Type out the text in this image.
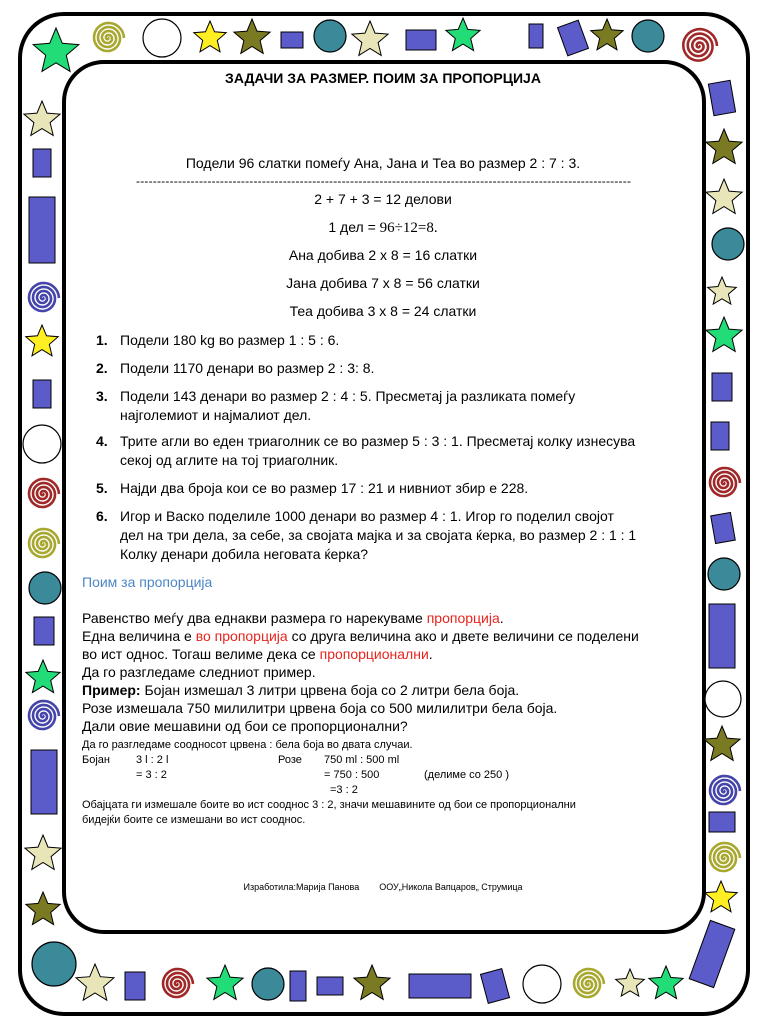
ЗАДАЧИ ЗА РАЗМЕР. ПОИМ ЗА ПРОПОРЦИЈА
Подели 96 слатки помеѓу Ана, Јана и Теа во размер 2 : 7 : 3.
----------------------------------------------------------------------------------------------------------------------
2 + 7 + 3 = 12 делови
1 дел = 96÷12=8.
Ана добива 2 х 8 = 16 слатки
Јана добива 7 х 8 = 56 слатки
Теа добива 3 х 8 = 24 слатки
1. Подели 180 kg во размер 1 : 5 : 6.
2. Подели 1170 денари во размер 2 : 3: 8.
3. Подели 143 денари во размер 2 : 4 : 5. Пресметај ја разликата помеѓу
најголемиот и најмалиот дел.
4. Трите агли во еден триаголник се во размер 5 : 3 : 1. Пресметај колку изнесува
секој од аглите на тој триаголник.
5. Најди два броја кои се во размер 17 : 21 и нивниот збир е 228.
6. Игор и Васко поделиле 1000 денари во размер 4 : 1. Игор го поделил својот
дел на три дела, за себе, за својата мајка и за својата ќерка, во размер 2 : 1 : 1
Колку денари добила неговата ќерка?
Поим за пропорција
Равенство меѓу два еднакви размера го нарекуваме пропорција.
Една величина е во пропорција со друга величина ако и двете величини се поделени
во ист однос. Тогаш велиме дека се пропорционални.
Да го разгледаме следниот пример.
Пример: Бојан измешал 3 литри црвена боја со 2 литри бела боја.
Розе измешала 750 милилитри црвена боја со 500 милилитри бела боја.
Дали овие мешавини од бои се пропорционални?
Да го разгледаме соодносот црвена : бела боја во двата случаи.
Бојан 3 l : 2 l
= 3 : 2
Розе 750 ml : 500 ml
= 750 : 500	(делиме со 250 )
=3 : 2
Обајцата ги измешале боите во ист сооднос 3 : 2, значи мешавините од бои се пропорционални
бидејќи боите се измешани во ист сооднос.
Изработила:Марија Панова        ООУ„Никола Вапцаров„ Струмица
